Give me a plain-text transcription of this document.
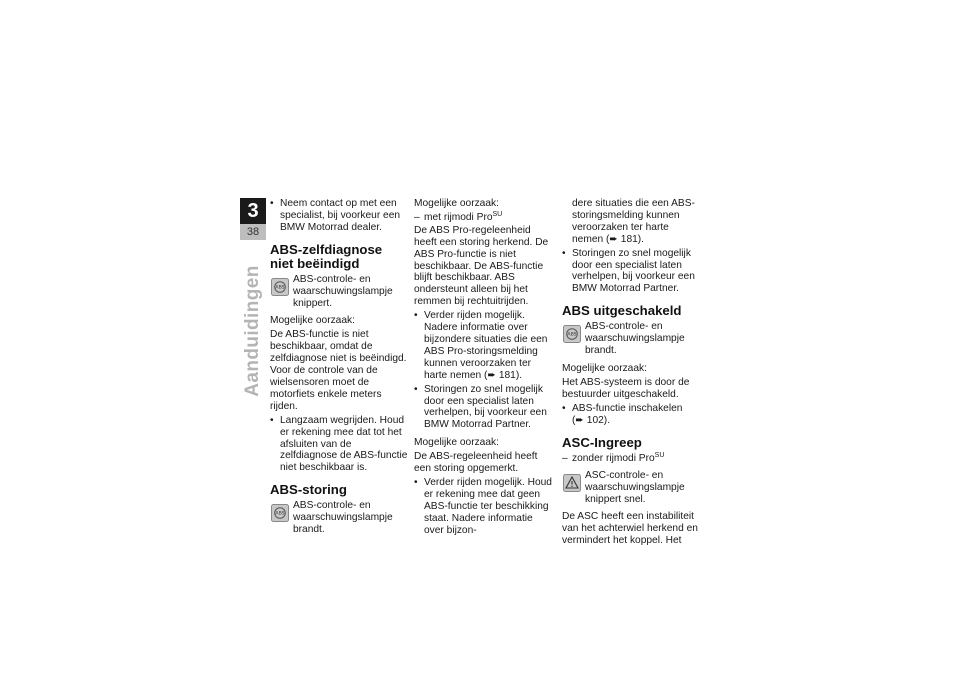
3
38
Aanduidingen
• Neem contact op met een specialist, bij voorkeur een BMW Motorrad dealer.
ABS-zelfdiagnose niet beëindigd
ABS
ABS-controle- en waarschuwingslampje knippert.
Mogelijke oorzaak:
De ABS-functie is niet beschikbaar, omdat de zelfdiagnose niet is beëindigd. Voor de controle van de wielsensoren moet de motorfiets enkele meters rijden.
• Langzaam wegrijden. Houd er rekening mee dat tot het afsluiten van de zelfdiagnose de ABS-functie niet beschikbaar is.
ABS-storing
ABS
ABS-controle- en waarschuwingslampje brandt.
Mogelijke oorzaak:
– met rijmodi Pro$^{SU}$
De ABS Pro-regeleenheid heeft een storing herkend. De ABS Pro-functie is niet beschikbaar. De ABS-functie blijft beschikbaar. ABS ondersteunt alleen bij het remmen bij rechtuitrijden.
• Verder rijden mogelijk. Nadere informatie over bijzondere situaties die een ABS Pro-storingsmelding kunnen veroorzaken ter harte nemen (➨ 181).
• Storingen zo snel mogelijk door een specialist laten verhelpen, bij voorkeur een BMW Motorrad Partner.
Mogelijke oorzaak:
De ABS-regeleenheid heeft een storing opgemerkt.
• Verder rijden mogelijk. Houd er rekening mee dat geen ABS-functie ter beschikking staat. Nadere informatie over bijzon-
dere situaties die een ABS-storingsmelding kunnen veroorzaken ter harte nemen (➨ 181).
• Storingen zo snel mogelijk door een specialist laten verhelpen, bij voorkeur een BMW Motorrad Partner.
ABS uitgeschakeld
ABS
ABS-controle- en waarschuwingslampje brandt.
Mogelijke oorzaak:
Het ABS-systeem is door de bestuurder uitgeschakeld.
• ABS-functie inschakelen
(➨ 102).
ASC-Ingreep
– zonder rijmodi Pro$^{SU}$
ASC-controle- en waarschuwingslampje knippert snel.
De ASC heeft een instabiliteit van het achterwiel herkend en vermindert het koppel. Het
